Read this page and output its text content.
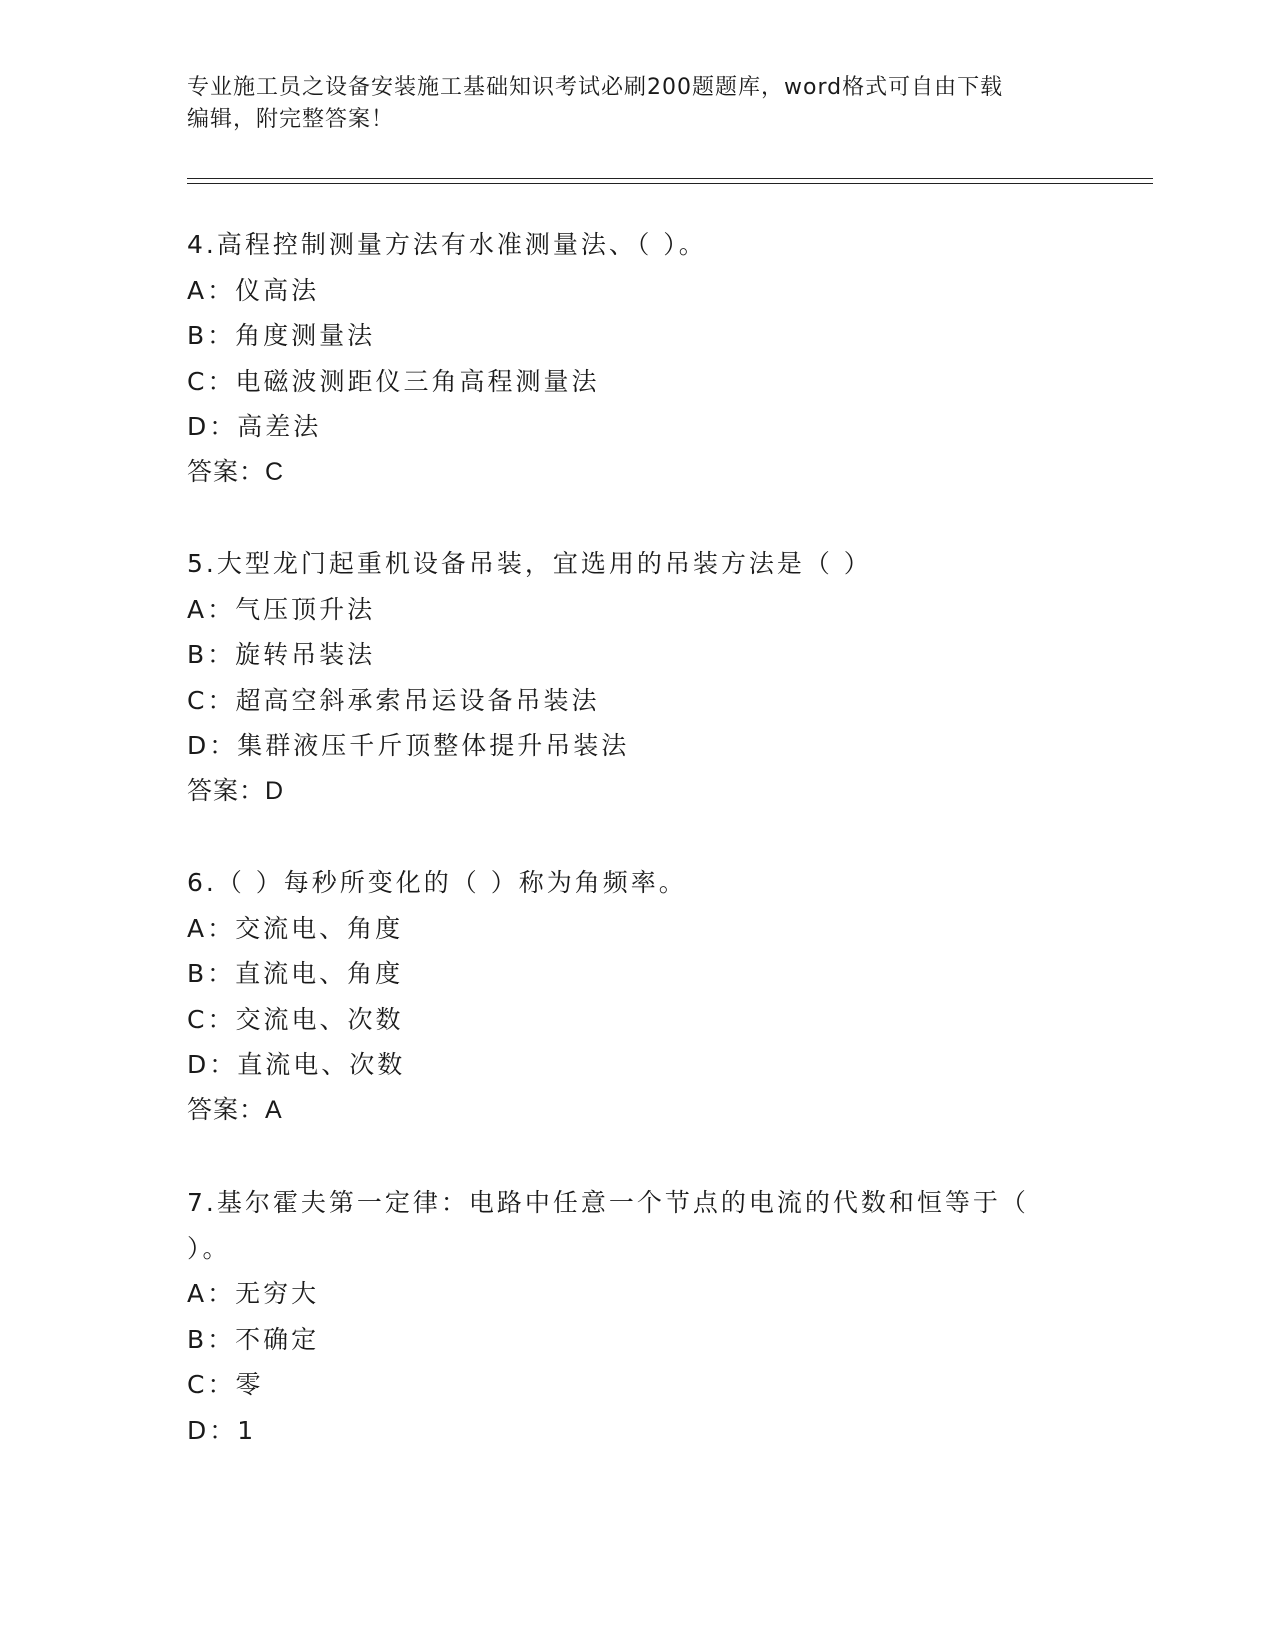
专业施工员之设备安装施工基础知识考试必刷200题题库，word格式可自由下载
编辑，附完整答案！
4.高程控制测量方法有水准测量法、（ ）。
A：仪高法
B：角度测量法
C：电磁波测距仪三角高程测量法
D：高差法
答案：C
5.大型龙门起重机设备吊装，宜选用的吊装方法是（ ）
A：气压顶升法
B：旋转吊装法
C：超高空斜承索吊运设备吊装法
D：集群液压千斤顶整体提升吊装法
答案：D
6.（ ）每秒所变化的（ ）称为角频率。
A：交流电、角度
B：直流电、角度
C：交流电、次数
D：直流电、次数
答案：A
7.基尔霍夫第一定律：电路中任意一个节点的电流的代数和恒等于（
）。
A：无穷大
B：不确定
C：零
D：1
